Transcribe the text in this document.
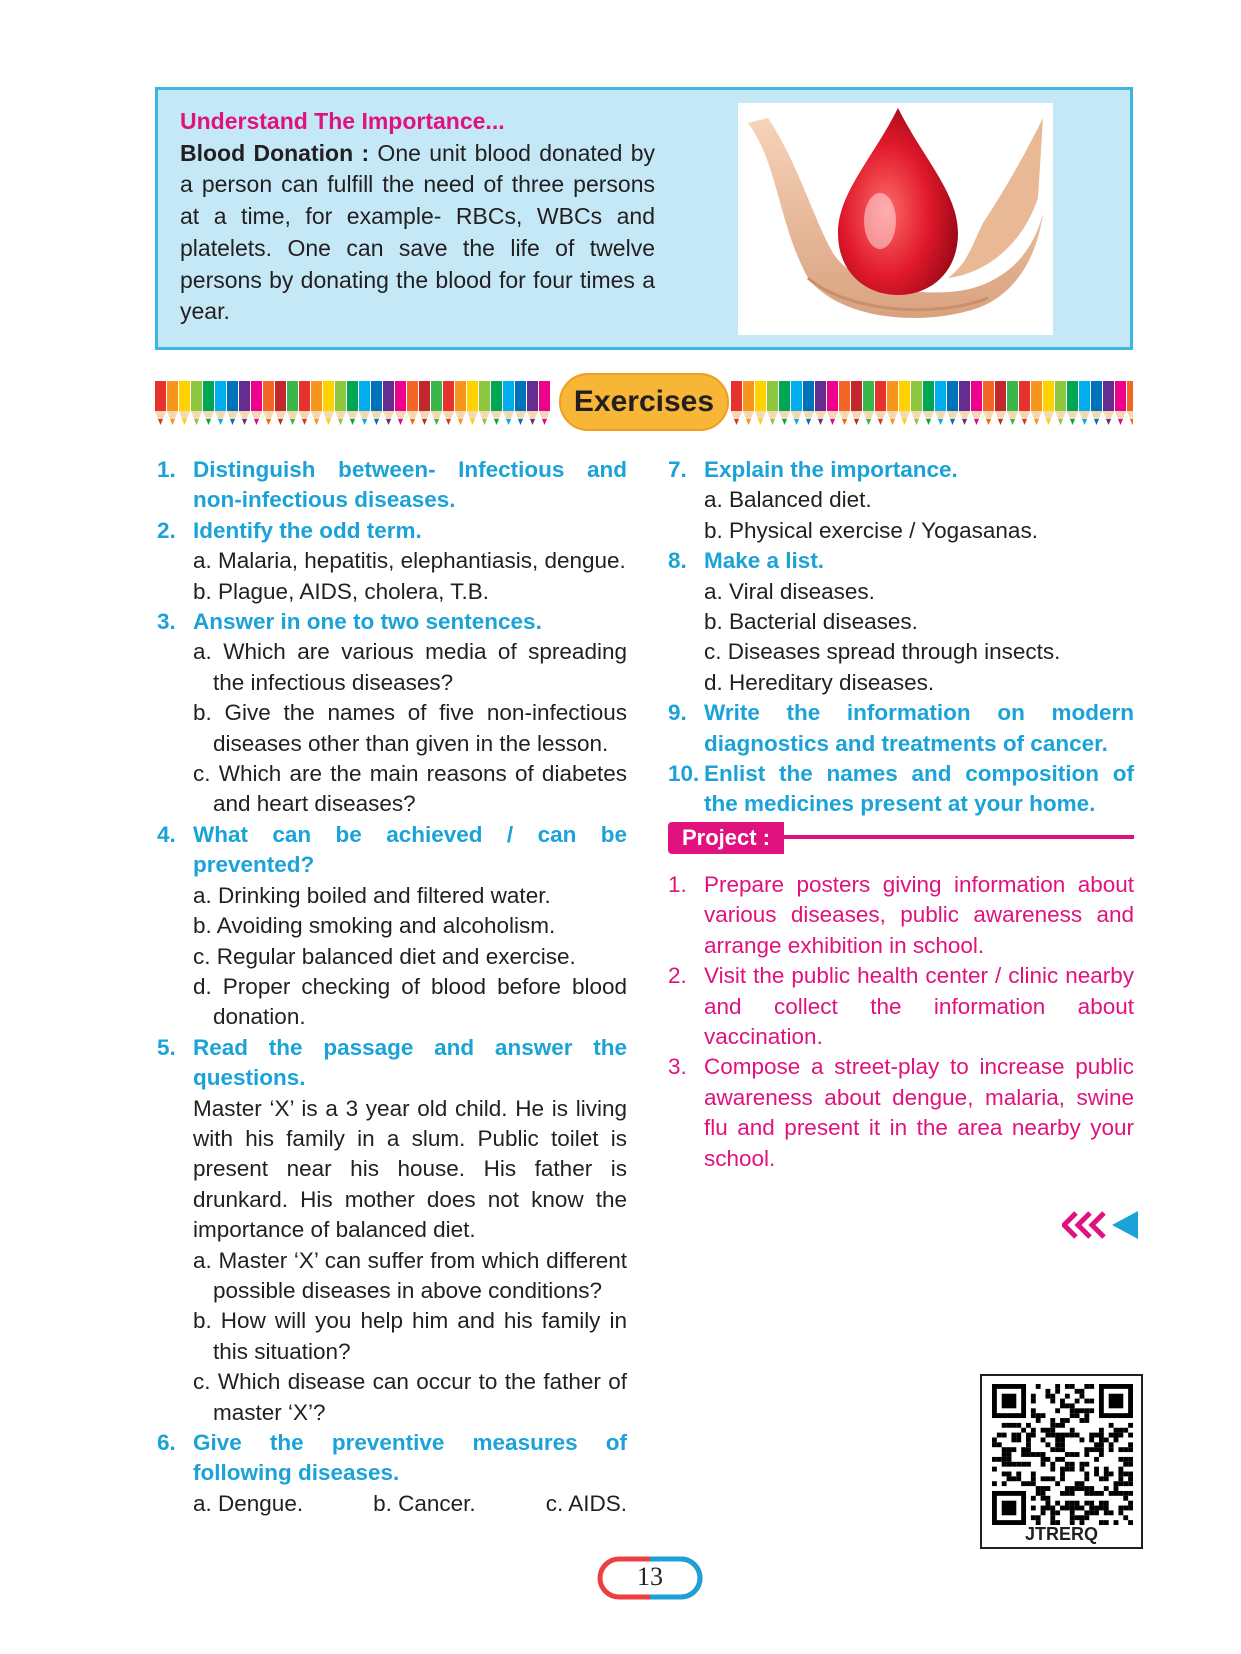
Understand The Importance...
Blood Donation : One unit blood donated by a person can fulfill the need of three persons at a time, for example- RBCs, WBCs and platelets. One can save the life of twelve persons by donating the blood for four times a year.
Exercises
1. Distinguish between- Infectious and non-infectious diseases.
2. Identify the odd term.
a. Malaria, hepatitis, elephantiasis, dengue.
b. Plague, AIDS, cholera, T.B.
3. Answer in one to two sentences.
a. Which are various media of spreading the infectious diseases?
b. Give the names of five non-infectious diseases other than given in the lesson.
c. Which are the main reasons of diabetes and heart diseases?
4. What can be achieved / can be prevented?
a. Drinking boiled and filtered water.
b. Avoiding smoking and alcoholism.
c. Regular balanced diet and exercise.
d. Proper checking of blood before blood donation.
5. Read the passage and answer the questions.
Master ‘X’ is a 3 year old child. He is living with his family in a slum. Public toilet is present near his house. His father is drunkard. His mother does not know the importance of balanced diet.
a. Master ‘X’ can suffer from which different possible diseases in above conditions?
b. How will you help him and his family in this situation?
c. Which disease can occur to the father of master ‘X’?
6. Give the preventive measures of following diseases.
a. Dengue.	b. Cancer.	c. AIDS.
7. Explain the importance.
a. Balanced diet.
b. Physical exercise / Yogasanas.
8. Make a list.
a. Viral diseases.
b. Bacterial diseases.
c. Diseases spread through insects.
d. Hereditary diseases.
9. Write the information on modern diagnostics and treatments of cancer.
10. Enlist the names and composition of the medicines present at your home.
Project :
1. Prepare posters giving information about various diseases, public awareness and arrange exhibition in school.
2. Visit the public health center / clinic nearby and collect the information about vaccination.
3. Compose a street-play to increase public awareness about dengue, malaria, swine flu and present it in the area nearby your school.
JTRERQ
13
